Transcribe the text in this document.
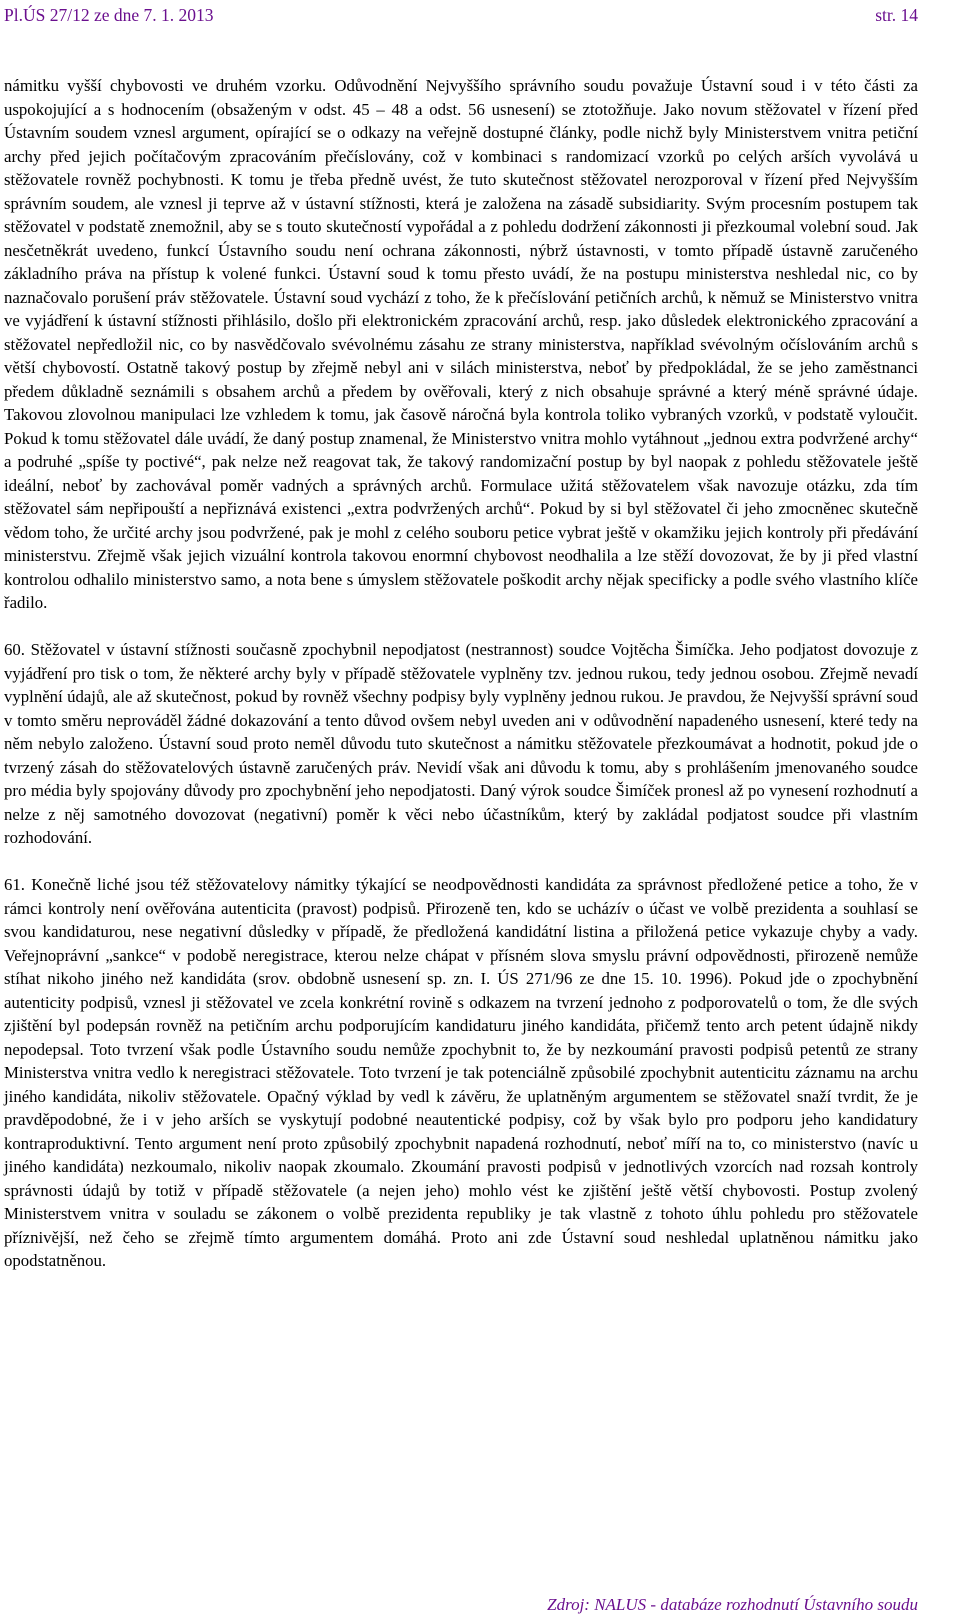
Pl.ÚS 27/12 ze dne 7. 1. 2013	str. 14

námitku vyšší chybovosti ve druhém vzorku. Odůvodnění Nejvyššího správního soudu považuje Ústavní soud i v této části za uspokojující a s hodnocením (obsaženým v odst. 45 – 48 a odst. 56 usnesení) se ztotožňuje. Jako novum stěžovatel v řízení před Ústavním soudem vznesl argument, opírající se o odkazy na veřejně dostupné články, podle nichž byly Ministerstvem vnitra petiční archy před jejich počítačovým zpracováním přečíslovány, což v kombinaci s randomizací vzorků po celých arších vyvolává u stěžovatele rovněž pochybnosti. K tomu je třeba předně uvést, že tuto skutečnost stěžovatel nerozporoval v řízení před Nejvyšším správním soudem, ale vznesl ji teprve až v ústavní stížnosti, která je založena na zásadě subsidiarity. Svým procesním postupem tak stěžovatel v podstatě znemožnil, aby se s touto skutečností vypořádal a z pohledu dodržení zákonnosti ji přezkoumal volební soud. Jak nesčetněkrát uvedeno, funkcí Ústavního soudu není ochrana zákonnosti, nýbrž ústavnosti, v tomto případě ústavně zaručeného základního práva na přístup k volené funkci. Ústavní soud k tomu přesto uvádí, že na postupu ministerstva neshledal nic, co by naznačovalo porušení práv stěžovatele. Ústavní soud vychází z toho, že k přečíslování petičních archů, k němuž se Ministerstvo vnitra ve vyjádření k ústavní stížnosti přihlásilo, došlo při elektronickém zpracování archů, resp. jako důsledek elektronického zpracování a stěžovatel nepředložil nic, co by nasvědčovalo svévolnému zásahu ze strany ministerstva, například svévolným očíslováním archů s větší chybovostí. Ostatně takový postup by zřejmě nebyl ani v silách ministerstva, neboť by předpokládal, že se jeho zaměstnanci předem důkladně seznámili s obsahem archů a předem by ověřovali, který z nich obsahuje správné a který méně správné údaje. Takovou zlovolnou manipulaci lze vzhledem k tomu, jak časově náročná byla kontrola toliko vybraných vzorků, v podstatě vyloučit. Pokud k tomu stěžovatel dále uvádí, že daný postup znamenal, že Ministerstvo vnitra mohlo vytáhnout „jednou extra podvržené archy“ a podruhé „spíše ty poctivé“, pak nelze než reagovat tak, že takový randomizační postup by byl naopak z pohledu stěžovatele ještě ideální, neboť by zachovával poměr vadných a správných archů. Formulace užitá stěžovatelem však navozuje otázku, zda tím stěžovatel sám nepřipouští a nepřiznává existenci „extra podvržených archů“. Pokud by si byl stěžovatel či jeho zmocněnec skutečně vědom toho, že určité archy jsou podvržené, pak je mohl z celého souboru petice vybrat ještě v okamžiku jejich kontroly při předávání ministerstvu. Zřejmě však jejich vizuální kontrola takovou enormní chybovost neodhalila a lze stěží dovozovat, že by ji před vlastní kontrolou odhalilo ministerstvo samo, a nota bene s úmyslem stěžovatele poškodit archy nějak specificky a podle svého vlastního klíče řadilo.

60. Stěžovatel v ústavní stížnosti současně zpochybnil nepodjatost (nestrannost) soudce Vojtěcha Šimíčka. Jeho podjatost dovozuje z vyjádření pro tisk o tom, že některé archy byly v případě stěžovatele vyplněny tzv. jednou rukou, tedy jednou osobou. Zřejmě nevadí vyplnění údajů, ale až skutečnost, pokud by rovněž všechny podpisy byly vyplněny jednou rukou. Je pravdou, že Nejvyšší správní soud v tomto směru neprováděl žádné dokazování a tento důvod ovšem nebyl uveden ani v odůvodnění napadeného usnesení, které tedy na něm nebylo založeno. Ústavní soud proto neměl důvodu tuto skutečnost a námitku stěžovatele přezkoumávat a hodnotit, pokud jde o tvrzený zásah do stěžovatelových ústavně zaručených práv. Nevidí však ani důvodu k tomu, aby s prohlášením jmenovaného soudce pro média byly spojovány důvody pro zpochybnění jeho nepodjatosti. Daný výrok soudce Šimíček pronesl až po vynesení rozhodnutí a nelze z něj samotného dovozovat (negativní) poměr k věci nebo účastníkům, který by zakládal podjatost soudce při vlastním rozhodování.

61. Konečně liché jsou též stěžovatelovy námitky týkající se neodpovědnosti kandidáta za správnost předložené petice a toho, že v rámci kontroly není ověřována autenticita (pravost) podpisů. Přirozeně ten, kdo se ucházív o účast ve volbě prezidenta a souhlasí se svou kandidaturou, nese negativní důsledky v případě, že předložená kandidátní listina a přiložená petice vykazuje chyby a vady. Veřejnoprávní „sankce“ v podobě neregistrace, kterou nelze chápat v přísném slova smyslu právní odpovědnosti, přirozeně nemůže stíhat nikoho jiného než kandidáta (srov. obdobně usnesení sp. zn. I. ÚS 271/96 ze dne 15. 10. 1996). Pokud jde o zpochybnění autenticity podpisů, vznesl ji stěžovatel ve zcela konkrétní rovině s odkazem na tvrzení jednoho z podporovatelů o tom, že dle svých zjištění byl podepsán rovněž na petičním archu podporujícím kandidaturu jiného kandidáta, přičemž tento arch petent údajně nikdy nepodepsal. Toto tvrzení však podle Ústavního soudu nemůže zpochybnit to, že by nezkoumání pravosti podpisů petentů ze strany Ministerstva vnitra vedlo k neregistraci stěžovatele. Toto tvrzení je tak potenciálně způsobilé zpochybnit autenticitu záznamu na archu jiného kandidáta, nikoliv stěžovatele. Opačný výklad by vedl k závěru, že uplatněným argumentem se stěžovatel snaží tvrdit, že je pravděpodobné, že i v jeho arších se vyskytují podobné neautentické podpisy, což by však bylo pro podporu jeho kandidatury kontraproduktivní. Tento argument není proto způsobilý zpochybnit napadená rozhodnutí, neboť míří na to, co ministerstvo (navíc u jiného kandidáta) nezkoumalo, nikoliv naopak zkoumalo. Zkoumání pravosti podpisů v jednotlivých vzorcích nad rozsah kontroly správnosti údajů by totiž v případě stěžovatele (a nejen jeho) mohlo vést ke zjištění ještě větší chybovosti. Postup zvolený Ministerstvem vnitra v souladu se zákonem o volbě prezidenta republiky je tak vlastně z tohoto úhlu pohledu pro stěžovatele příznivější, než čeho se zřejmě tímto argumentem domáhá. Proto ani zde Ústavní soud neshledal uplatněnou námitku jako opodstatněnou.

Zdroj: NALUS - databáze rozhodnutí Ústavního soudu
